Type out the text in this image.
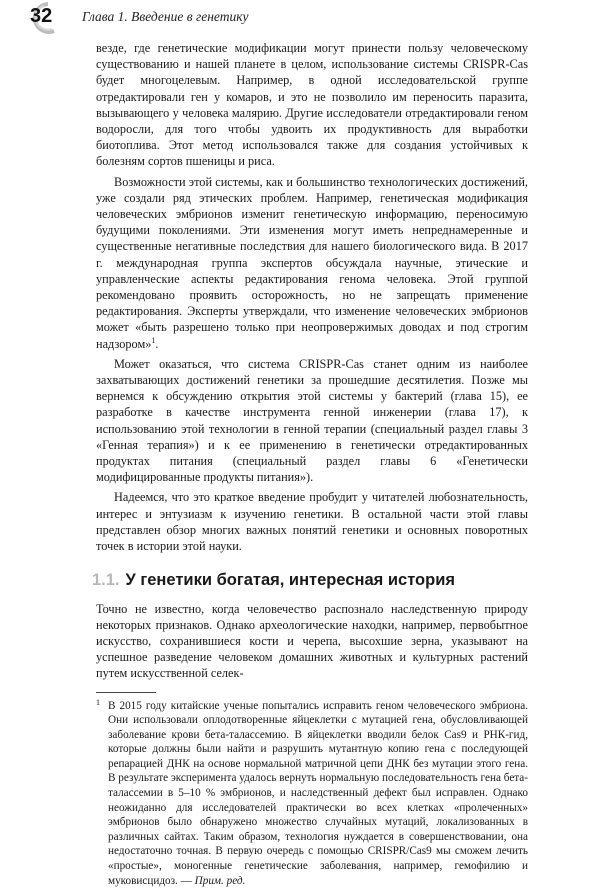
32 Глава 1. Введение в генетику

везде, где генетические модификации могут принести пользу человеческому существованию и нашей планете в целом, использование системы CRISPR-Cas будет многоцелевым. Например, в одной исследовательской группе отредактировали ген у комаров, и это не позволило им переносить паразита, вызывающего у человека малярию. Другие исследователи отредактировали геном водоросли, для того чтобы удвоить их продуктивность для выработки биотоплива. Этот метод использовался также для создания устойчивых к болезням сортов пшеницы и риса.

Возможности этой системы, как и большинство технологических достижений, уже создали ряд этических проблем. Например, генетическая модификация человеческих эмбрионов изменит генетическую информацию, переносимую будущими поколениями. Эти изменения могут иметь непреднамеренные и существенные негативные последствия для нашего биологического вида. В 2017 г. международная группа экспертов обсуждала научные, этические и управленческие аспекты редактирования генома человека. Этой группой рекомендовано проявить осторожность, но не запрещать применение редактирования. Эксперты утверждали, что изменение человеческих эмбрионов может «быть разрешено только при неопровержимых доводах и под строгим надзором»$^1$.

Может оказаться, что система CRISPR-Cas станет одним из наиболее захватывающих достижений генетики за прошедшие десятилетия. Позже мы вернемся к обсуждению открытия этой системы у бактерий (глава 15), ее разработке в качестве инструмента генной инженерии (глава 17), к использованию этой технологии в генной терапии (специальный раздел главы 3 «Генная терапия») и к ее применению в генетически отредактированных продуктах питания (специальный раздел главы 6 «Генетически модифицированные продукты питания»).

Надеемся, что это краткое введение пробудит у читателей любознательность, интерес и энтузиазм к изучению генетики. В остальной части этой главы представлен обзор многих важных понятий генетики и основных поворотных точек в истории этой науки.

1.1. У генетики богатая, интересная история

Точно не известно, когда человечество распознало наследственную природу некоторых признаков. Однако археологические находки, например, первобытное искусство, сохранившиеся кости и черепа, высохшие зерна, указывают на успешное разведение человеком домашних животных и культурных растений путем искусственной селек-

1 В 2015 году китайские ученые попытались исправить геном человеческого эмбриона. Они использовали оплодотворенные яйцеклетки с мутацией гена, обусловливающей заболевание крови бета-талассемию. В яйцеклетки вводили белок Cas9 и РНК-гид, которые должны были найти и разрушить мутантную копию гена с последующей репарацией ДНК на основе нормальной матричной цепи ДНК без мутации этого гена. В результате эксперимента удалось вернуть нормальную последовательность гена бета-талассемии в 5–10 % эмбрионов, и наследственный дефект был исправлен. Однако неожиданно для исследователей практически во всех клетках «пролеченных» эмбрионов было обнаружено множество случайных мутаций, локализованных в различных сайтах. Таким образом, технология нуждается в совершенствовании, она недостаточно точная. В первую очередь с помощью CRISPR/Cas9 мы сможем лечить «простые», моногенные генетические заболевания, например, гемофилию и муковисцидоз. — Прим. ред.
